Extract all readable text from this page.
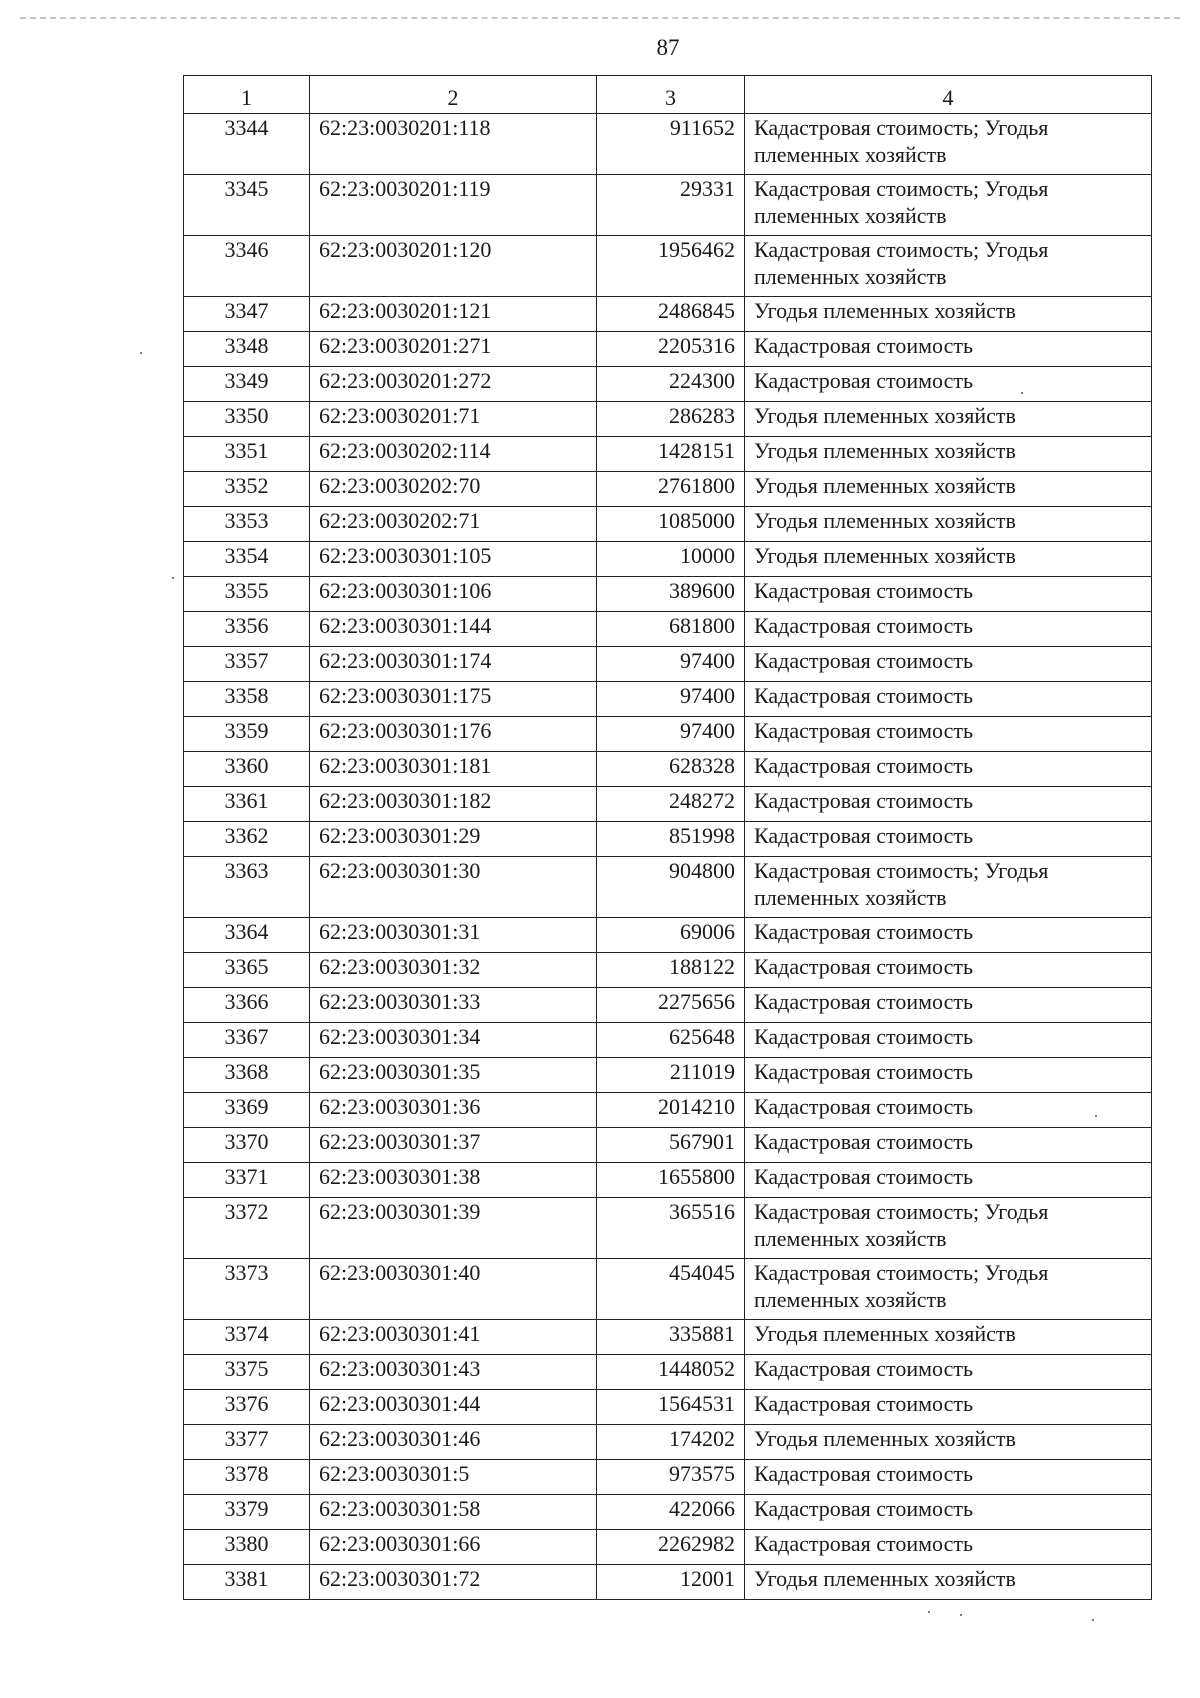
87
1	2	3	4
3344	62:23:0030201:118	911652	Кадастровая стоимость; Угодья племенных хозяйств
3345	62:23:0030201:119	29331	Кадастровая стоимость; Угодья племенных хозяйств
3346	62:23:0030201:120	1956462	Кадастровая стоимость; Угодья племенных хозяйств
3347	62:23:0030201:121	2486845	Угодья племенных хозяйств
3348	62:23:0030201:271	2205316	Кадастровая стоимость
3349	62:23:0030201:272	224300	Кадастровая стоимость
3350	62:23:0030201:71	286283	Угодья племенных хозяйств
3351	62:23:0030202:114	1428151	Угодья племенных хозяйств
3352	62:23:0030202:70	2761800	Угодья племенных хозяйств
3353	62:23:0030202:71	1085000	Угодья племенных хозяйств
3354	62:23:0030301:105	10000	Угодья племенных хозяйств
3355	62:23:0030301:106	389600	Кадастровая стоимость
3356	62:23:0030301:144	681800	Кадастровая стоимость
3357	62:23:0030301:174	97400	Кадастровая стоимость
3358	62:23:0030301:175	97400	Кадастровая стоимость
3359	62:23:0030301:176	97400	Кадастровая стоимость
3360	62:23:0030301:181	628328	Кадастровая стоимость
3361	62:23:0030301:182	248272	Кадастровая стоимость
3362	62:23:0030301:29	851998	Кадастровая стоимость
3363	62:23:0030301:30	904800	Кадастровая стоимость; Угодья племенных хозяйств
3364	62:23:0030301:31	69006	Кадастровая стоимость
3365	62:23:0030301:32	188122	Кадастровая стоимость
3366	62:23:0030301:33	2275656	Кадастровая стоимость
3367	62:23:0030301:34	625648	Кадастровая стоимость
3368	62:23:0030301:35	211019	Кадастровая стоимость
3369	62:23:0030301:36	2014210	Кадастровая стоимость
3370	62:23:0030301:37	567901	Кадастровая стоимость
3371	62:23:0030301:38	1655800	Кадастровая стоимость
3372	62:23:0030301:39	365516	Кадастровая стоимость; Угодья племенных хозяйств
3373	62:23:0030301:40	454045	Кадастровая стоимость; Угодья племенных хозяйств
3374	62:23:0030301:41	335881	Угодья племенных хозяйств
3375	62:23:0030301:43	1448052	Кадастровая стоимость
3376	62:23:0030301:44	1564531	Кадастровая стоимость
3377	62:23:0030301:46	174202	Угодья племенных хозяйств
3378	62:23:0030301:5	973575	Кадастровая стоимость
3379	62:23:0030301:58	422066	Кадастровая стоимость
3380	62:23:0030301:66	2262982	Кадастровая стоимость
3381	62:23:0030301:72	12001	Угодья племенных хозяйств
